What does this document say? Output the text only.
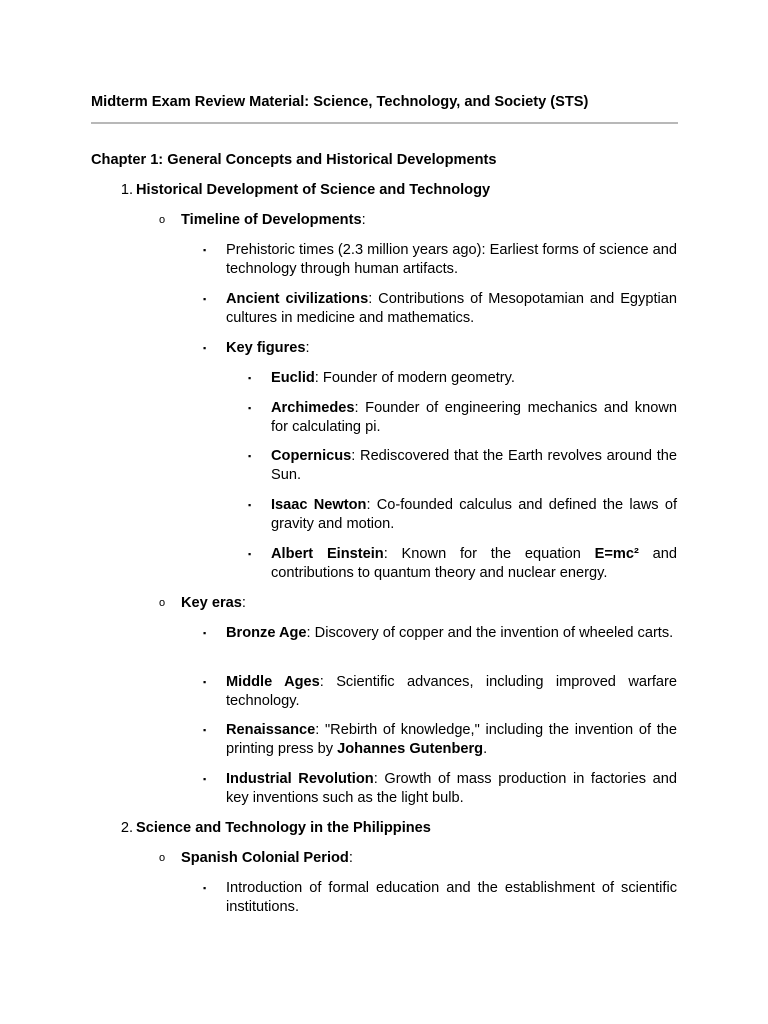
Midterm Exam Review Material: Science, Technology, and Society (STS)
Chapter 1: General Concepts and Historical Developments
1. Historical Development of Science and Technology
o	Timeline of Developments:
▪	Prehistoric times (2.3 million years ago): Earliest forms of science and technology through human artifacts.
▪	Ancient civilizations: Contributions of Mesopotamian and Egyptian cultures in medicine and mathematics.
▪	Key figures:
▪	Euclid: Founder of modern geometry.
▪	Archimedes: Founder of engineering mechanics and known for calculating pi.
▪	Copernicus: Rediscovered that the Earth revolves around the Sun.
▪	Isaac Newton: Co-founded calculus and defined the laws of gravity and motion.
▪	Albert Einstein: Known for the equation E=mc² and contributions to quantum theory and nuclear energy.
o	Key eras:
▪	Bronze Age: Discovery of copper and the invention of wheeled carts.
▪	Middle Ages: Scientific advances, including improved warfare technology.
▪	Renaissance: "Rebirth of knowledge," including the invention of the printing press by Johannes Gutenberg.
▪	Industrial Revolution: Growth of mass production in factories and key inventions such as the light bulb.
2. Science and Technology in the Philippines
o	Spanish Colonial Period:
▪	Introduction of formal education and the establishment of scientific institutions.
